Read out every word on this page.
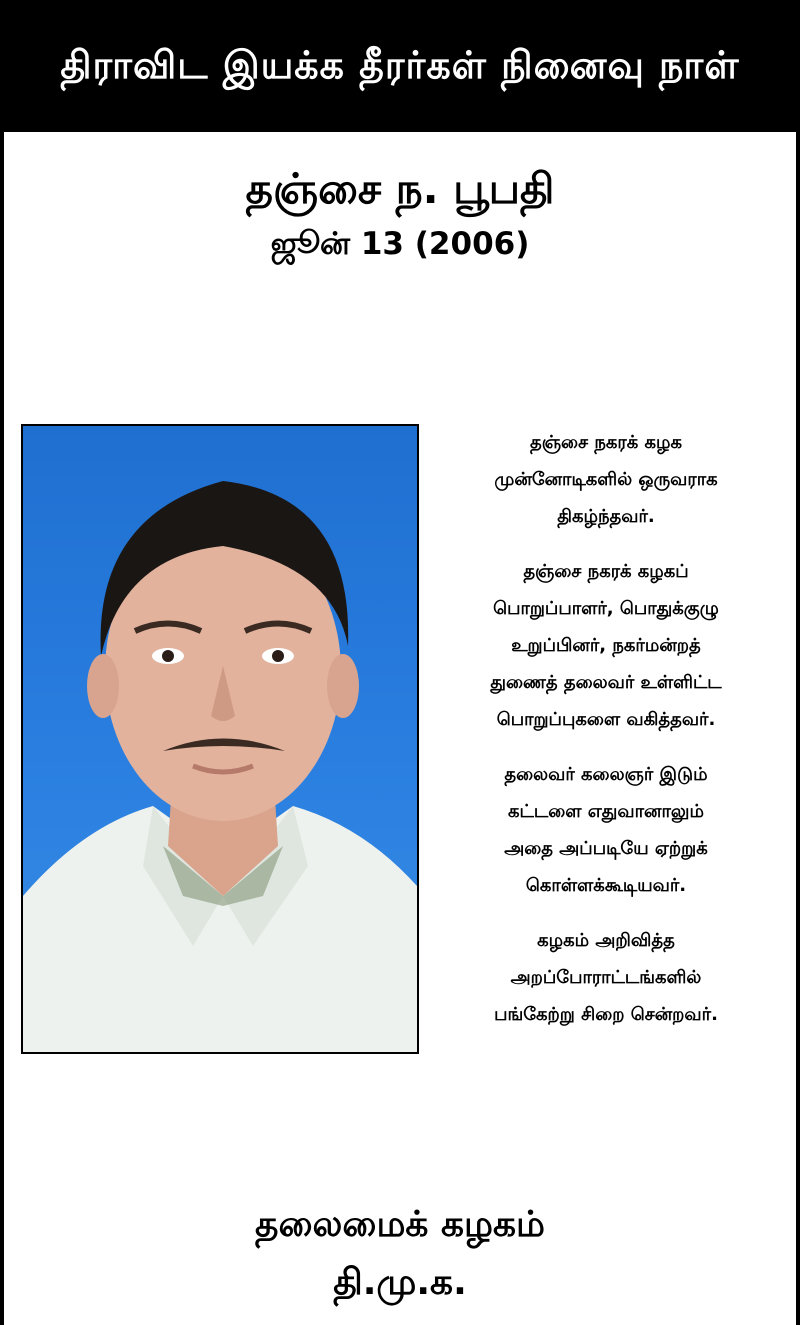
திராவிட இயக்க தீரர்கள் நினைவு நாள்
தஞ்சை ந. பூபதி
ஜூன் 13 (2006)

தஞ்சை நகரக் கழக
முன்னோடிகளில் ஒருவராக
திகழ்ந்தவர்.

தஞ்சை நகரக் கழகப்
பொறுப்பாளர், பொதுக்குழு
உறுப்பினர், நகர்மன்றத்
துணைத் தலைவர் உள்ளிட்ட
பொறுப்புகளை வகித்தவர்.

தலைவர் கலைஞர் இடும்
கட்டளை எதுவானாலும்
அதை அப்படியே ஏற்றுக்
கொள்ளக்கூடியவர்.

கழகம் அறிவித்த
அறப்போராட்டங்களில்
பங்கேற்று சிறை சென்றவர்.

தலைமைக் கழகம்
தி.மு.க.
